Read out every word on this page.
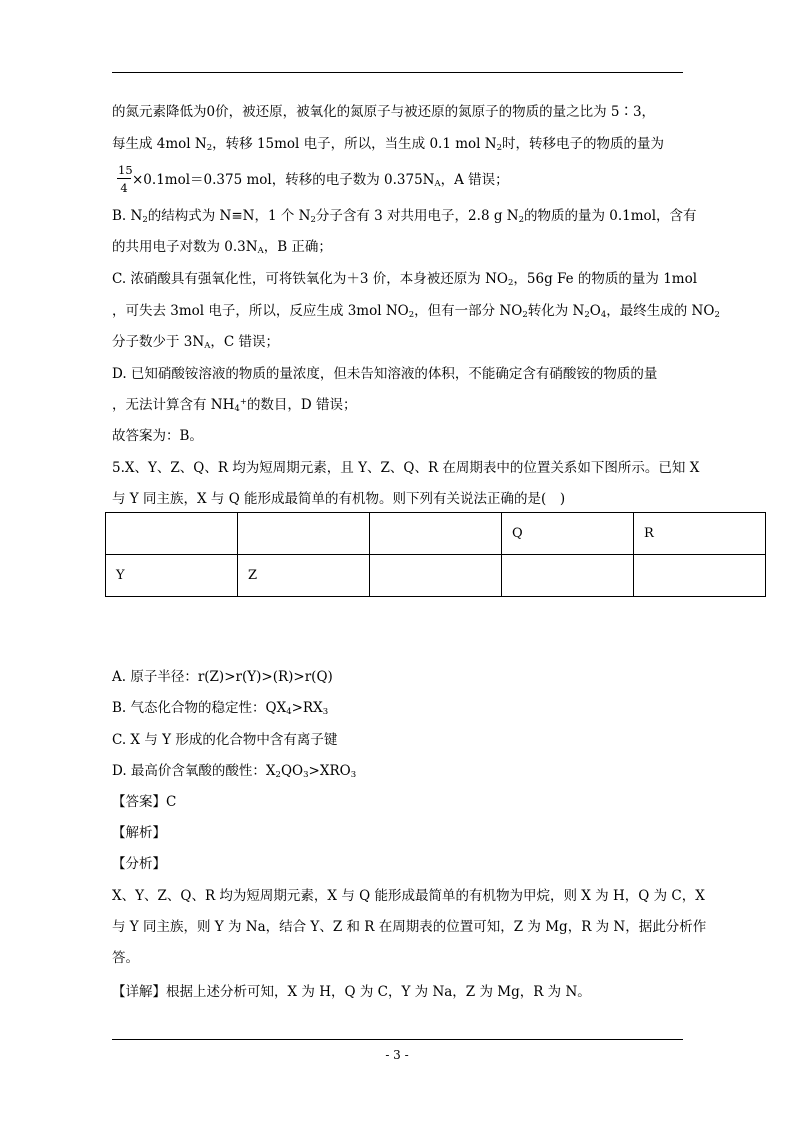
的氮元素降低为0价，被还原，被氧化的氮原子与被还原的氮原子的物质的量之比为 5∶3，
每生成 4mol $N_2$，转移 15mol 电子，所以，当生成 0.1 mol $N_2$时，转移电子的物质的量为
15
4 ×0.1mol＝0.375 mol，转移的电子数为 $0.375N_A$，A 错误；
B. $N_2$的结构式为 N≡N，1 个 $N_2$分子含有 3 对共用电子，2.8 g $N_2$的物质的量为 0.1mol，含有
的共用电子对数为 $0.3N_A$，B 正确；
C. 浓硝酸具有强氧化性，可将铁氧化为＋3 价，本身被还原为 $NO_2$，56g Fe 的物质的量为 1mol
，可失去 3mol 电子，所以，反应生成 3mol $NO_2$，但有一部分 $NO_2$转化为 $N_2O_4$，最终生成的 $NO_2$
分子数少于 $3N_A$，C 错误；
D. 已知硝酸铵溶液的物质的量浓度，但未告知溶液的体积，不能确定含有硝酸铵的物质的量
，无法计算含有 $NH_4^+$的数目，D 错误；
故答案为：B。
5.X、Y、Z、Q、R 均为短周期元素，且 Y、Z、Q、R 在周期表中的位置关系如下图所示。已知 X
与 Y 同主族，X 与 Q 能形成最简单的有机物。则下列有关说法正确的是(　)
			Q	R
Y	Z			
A. 原子半径：r(Z)>r(Y)>(R)>r(Q)
B. 气态化合物的稳定性：$QX_4>RX_3$
C. X 与 Y 形成的化合物中含有离子键
D. 最高价含氧酸的酸性：$X_2QO_3>XRO_3$
【答案】C
【解析】
【分析】
X、Y、Z、Q、R 均为短周期元素，X 与 Q 能形成最简单的有机物为甲烷，则 X 为 H，Q 为 C，X
与 Y 同主族，则 Y 为 Na，结合 Y、Z 和 R 在周期表的位置可知，Z 为 Mg，R 为 N，据此分析作
答。
【详解】根据上述分析可知，X 为 H，Q 为 C，Y 为 Na，Z 为 Mg，R 为 N。
- 3 -
